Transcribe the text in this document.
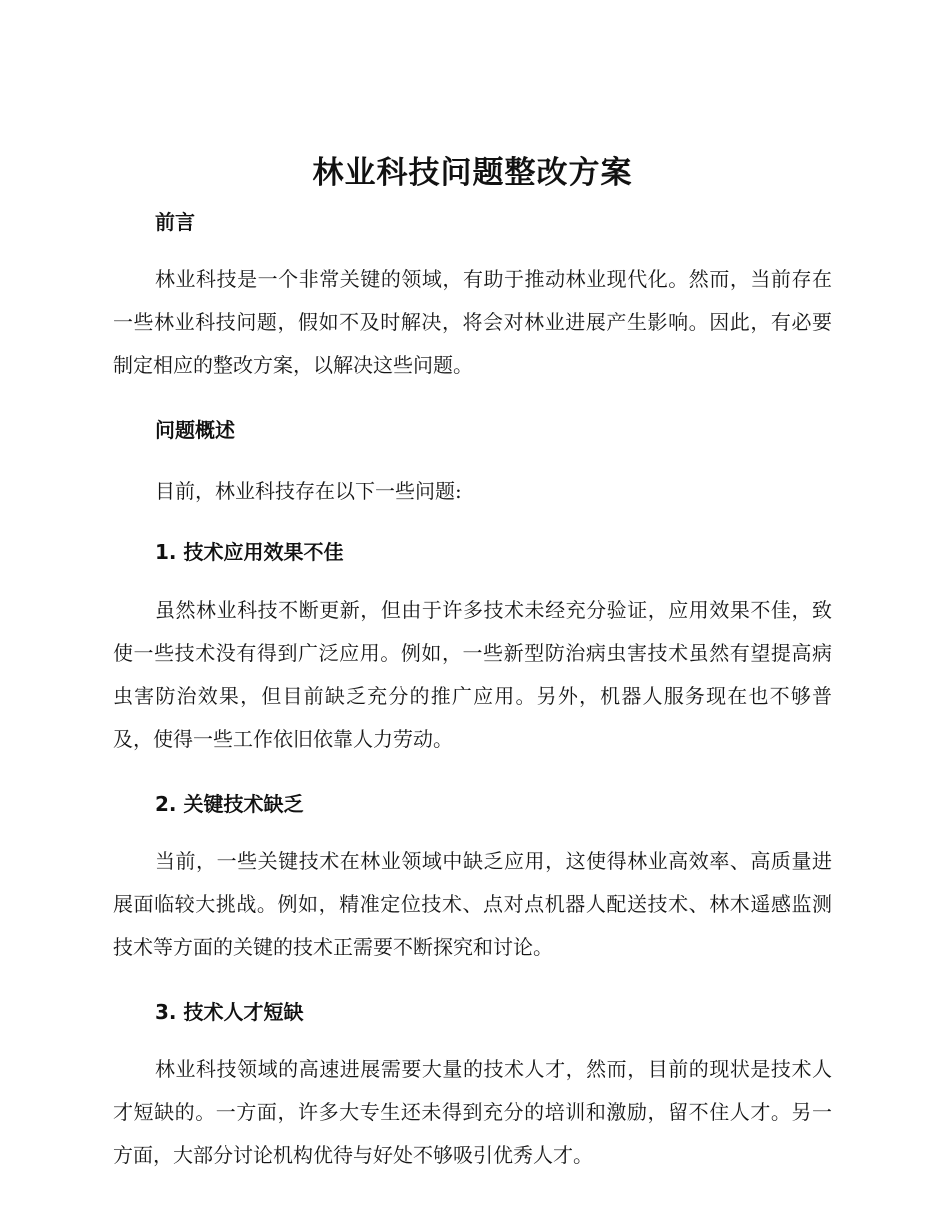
林业科技问题整改方案
前言

林业科技是一个非常关键的领域，有助于推动林业现代化。然而，当前存在一些林业科技问题，假如不及时解决，将会对林业进展产生影响。因此，有必要制定相应的整改方案，以解决这些问题。

问题概述

目前，林业科技存在以下一些问题:

1. 技术应用效果不佳

虽然林业科技不断更新，但由于许多技术未经充分验证，应用效果不佳，致使一些技术没有得到广泛应用。例如，一些新型防治病虫害技术虽然有望提高病虫害防治效果，但目前缺乏充分的推广应用。另外，机器人服务现在也不够普及，使得一些工作依旧依靠人力劳动。

2. 关键技术缺乏

当前，一些关键技术在林业领域中缺乏应用，这使得林业高效率、高质量进展面临较大挑战。例如，精准定位技术、点对点机器人配送技术、林木遥感监测技术等方面的关键的技术正需要不断探究和讨论。

3. 技术人才短缺

林业科技领域的高速进展需要大量的技术人才，然而，目前的现状是技术人才短缺的。一方面，许多大专生还未得到充分的培训和激励，留不住人才。另一方面，大部分讨论机构优待与好处不够吸引优秀人才。
